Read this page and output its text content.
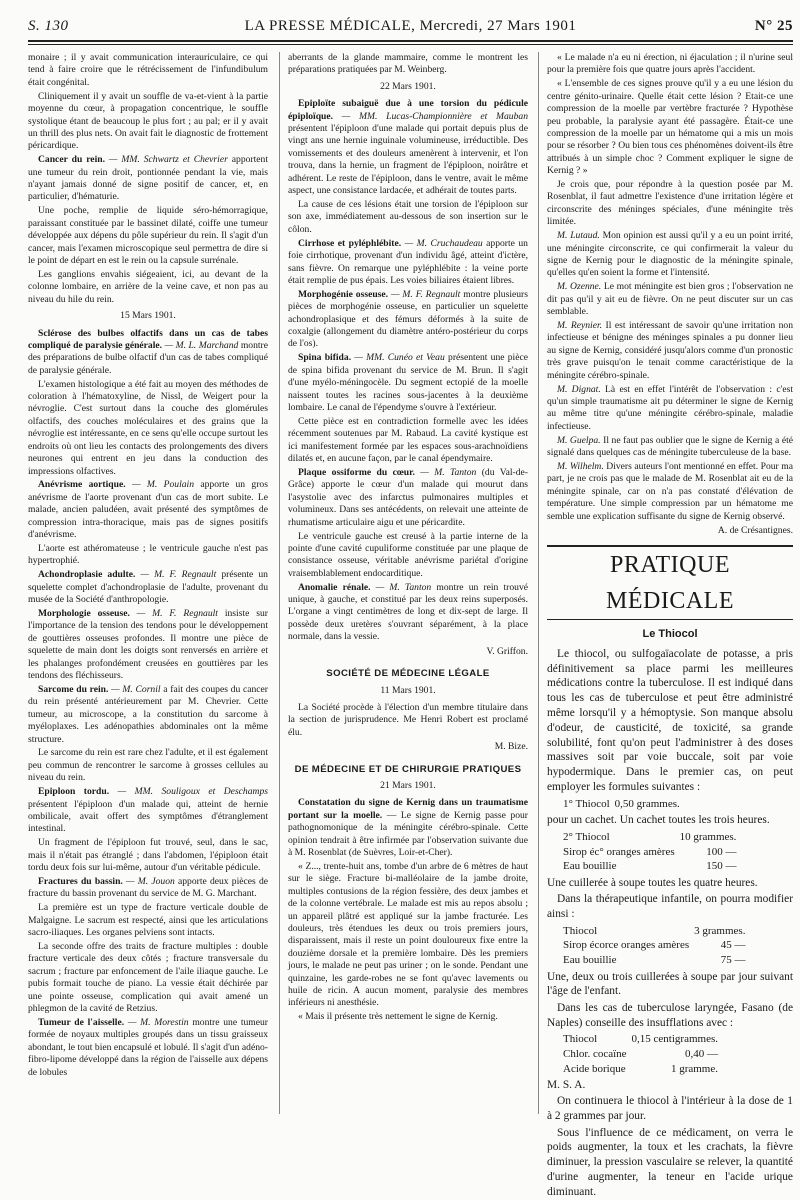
S. 130	LA PRESSE MÉDICALE, Mercredi, 27 Mars 1901	N° 25

monaire ; il y avait communication interauriculaire, ce qui tend à faire croire que le rétrécissement de l'infundibulum était congénital.

Cliniquement il y avait un souffle de va-et-vient à la partie moyenne du cœur, à propagation concentrique, le souffle systolique étant de beaucoup le plus fort ; au pal; er il y avait un thrill des plus nets. On avait fait le diagnostic de frottement péricardique.

Cancer du rein. — MM. Schwartz et Chevrier apportent une tumeur du rein droit, pontionnée pendant la vie, mais n'ayant jamais donné de signe positif de cancer, et, en particulier, d'hématurie.

Une poche, remplie de liquide séro-hémorragique, paraissant constituée par le bassinet dilaté, coiffe une tumeur développée aux dépens du pôle supérieur du rein. Il s'agit d'un cancer, mais l'examen microscopique seul permettra de dire si le point de départ en est le rein ou la capsule surrénale.

Les ganglions envahis siégeaient, ici, au devant de la colonne lombaire, en arrière de la veine cave, et non pas au niveau du hile du rein.

15 Mars 1901.

Sclérose des bulbes olfactifs dans un cas de tabes compliqué de paralysie générale. — M. L. Marchand montre des préparations de bulbe olfactif d'un cas de tabes compliqué de paralysie générale.

L'examen histologique a été fait au moyen des méthodes de coloration à l'hématoxyline, de Nissl, de Weigert pour la névroglie. C'est surtout dans la couche des glomérules olfactifs, des couches moléculaires et des grains que la névroglie est intéressante, en ce sens qu'elle occupe surtout les endroits où ont lieu les contacts des prolongements des divers neurones qui entrent en jeu dans la conduction des impressions olfactives.

Anévrisme aortique. — M. Poulain apporte un gros anévrisme de l'aorte provenant d'un cas de mort subite. Le malade, ancien paludéen, avait présenté des symptômes de compression intra-thoracique, mais pas de signes positifs d'anévrisme.

L'aorte est athéromateuse ; le ventricule gauche n'est pas hypertrophié.

Achondroplasie adulte. — M. F. Regnault présente un squelette complet d'achondroplasie de l'adulte, provenant du musée de la Société d'anthropologie.

Morphologie osseuse. — M. F. Regnault insiste sur l'importance de la tension des tendons pour le développement de gouttières osseuses profondes. Il montre une pièce de squelette de main dont les doigts sont renversés en arrière et les phalanges profondément creusées en gouttières par les tendons des fléchisseurs.

Sarcome du rein. — M. Cornil a fait des coupes du cancer du rein présenté antérieurement par M. Chevrier. Cette tumeur, au microscope, a la constitution du sarcome à myéloplaxes. Les adénopathies abdominales ont la même structure.

Le sarcome du rein est rare chez l'adulte, et il est également peu commun de rencontrer le sarcome à grosses cellules au niveau du rein.

Epiploon tordu. — MM. Souligoux et Deschamps présentent l'épiploon d'un malade qui, atteint de hernie ombilicale, avait offert des symptômes d'étranglement intestinal.

Un fragment de l'épiploon fut trouvé, seul, dans le sac, mais il n'était pas étranglé ; dans l'abdomen, l'épiploon était tordu deux fois sur lui-même, autour d'un véritable pédicule.

Fractures du bassin. — M. Jouon apporte deux pièces de fracture du bassin provenant du service de M. G. Marchant.

La première est un type de fracture verticale double de Malgaigne. Le sacrum est respecté, ainsi que les articulations sacro-iliaques. Les organes pelviens sont intacts.

La seconde offre des traits de fracture multiples : double fracture verticale des deux côtés ; fracture transversale du sacrum ; fracture par enfoncement de l'aile iliaque gauche. Le pubis formait touche de piano. La vessie était déchirée par une pointe osseuse, complication qui avait amené un phlegmon de la cavité de Retzius.

Tumeur de l'aisselle. — M. Morestin montre une tumeur formée de noyaux multiples groupés dans un tissu graisseux abondant, le tout bien encapsulé et lobulé. Il s'agit d'un adéno-fibro-lipome développé dans la région de l'aisselle aux dépens de lobules

aberrants de la glande mammaire, comme le montrent les préparations pratiquées par M. Weinberg.

22 Mars 1901.

Epiploïte subaiguë due à une torsion du pédicule épiploïque. — MM. Lucas-Championnière et Mauban présentent l'épiploon d'une malade qui portait depuis plus de vingt ans une hernie inguinale volumineuse, irréductible. Des vomissements et des douleurs amenèrent à intervenir, et l'on trouva, dans la hernie, un fragment de l'épiploon, noirâtre et adhérent. Le reste de l'épiploon, dans le ventre, avait le même aspect, une consistance lardacée, et adhérait de toutes parts.

La cause de ces lésions était une torsion de l'épiploon sur son axe, immédiatement au-dessous de son insertion sur le côlon.

Cirrhose et pyléphlébite. — M. Cruchaudeau apporte un foie cirrhotique, provenant d'un individu âgé, atteint d'ictère, sans fièvre. On remarque une pyléphlébite : la veine porte était remplie de pus épais. Les voies biliaires étaient libres.

Morphogénie osseuse. — M. F. Regnault montre plusieurs pièces de morphogénie osseuse, en particulier un squelette achondroplasique et des fémurs déformés à la suite de coxalgie (allongement du diamètre antéro-postérieur du corps de l'os).

Spina bifida. — MM. Cunéo et Veau présentent une pièce de spina bifida provenant du service de M. Brun. Il s'agit d'une myélo-méningocèle. Du segment ectopié de la moelle naissent toutes les racines sous-jacentes à la deuxième lombaire. Le canal de l'épendyme s'ouvre à l'extérieur.

Cette pièce est en contradiction formelle avec les idées récemment soutenues par M. Rabaud. La cavité kystique est ici manifestement formée par les espaces sous-arachnoïdiens dilatés et, en aucune façon, par le canal épendymaire.

Plaque ossiforme du cœur. — M. Tanton (du Val-de-Grâce) apporte le cœur d'un malade qui mourut dans l'asystolie avec des infarctus pulmonaires multiples et volumineux. Dans ses antécédents, on relevait une atteinte de rhumatisme articulaire aigu et une péricardite.

Le ventricule gauche est creusé à la partie interne de la pointe d'une cavité cupuliforme constituée par une plaque de consistance osseuse, véritable anévrisme pariétal d'origine vraisemblablement endocarditique.

Anomalie rénale. — M. Tanton montre un rein trouvé unique, à gauche, et constitué par les deux reins superposés. L'organe a vingt centimètres de long et dix-sept de large. Il possède deux uretères s'ouvrant séparément, à la place normale, dans la vessie.

V. Griffon.

SOCIÉTÉ DE MÉDECINE LÉGALE

11 Mars 1901.

La Société procède à l'élection d'un membre titulaire dans la section de jurisprudence. Me Henri Robert est proclamé élu.

M. Bize.

DE MÉDECINE ET DE CHIRURGIE PRATIQUES

21 Mars 1901.

Constatation du signe de Kernig dans un traumatisme portant sur la moelle. — Le signe de Kernig passe pour pathognomonique de la méningite cérébro-spinale. Cette opinion tendrait à être infirmée par l'observation suivante due à M. Rosenblat (de Suèvres, Loir-et-Cher).

« Z..., trente-huit ans, tombe d'un arbre de 6 mètres de haut sur le siège. Fracture bi-malléolaire de la jambe droite, multiples contusions de la région fessière, des deux jambes et de la colonne vertébrale. Le malade est mis au repos absolu ; un appareil plâtré est appliqué sur la jambe fracturée. Les douleurs, très étendues les deux ou trois premiers jours, disparaissent, mais il reste un point douloureux fixe entre la douzième dorsale et la première lombaire. Dès les premiers jours, le malade ne peut pas uriner ; on le sonde. Pendant une quinzaine, les garde-robes ne se font qu'avec lavements ou huile de ricin. A aucun moment, paralysie des membres inférieurs ni anesthésie.

« Mais il présente très nettement le signe de Kernig.

« Le malade n'a eu ni érection, ni éjaculation ; il n'urine seul pour la première fois que quatre jours après l'accident.

« L'ensemble de ces signes prouve qu'il y a eu une lésion du centre génito-urinaire. Quelle était cette lésion ? Etait-ce une compression de la moelle par vertèbre fracturée ? Hypothèse peu probable, la paralysie ayant été passagère. Était-ce une compression de la moelle par un hématome qui a mis un mois pour se résorber ? Ou bien tous ces phénomènes doivent-ils être attribués à un simple choc ? Comment expliquer le signe de Kernig ? »

Je crois que, pour répondre à la question posée par M. Rosenblat, il faut admettre l'existence d'une irritation légère et circonscrite des méninges spéciales, d'une méningite très limitée.

M. Lutaud. Mon opinion est aussi qu'il y a eu un point irrité, une méningite circonscrite, ce qui confirmerait la valeur du signe de Kernig pour le diagnostic de la méningite spinale, qu'elles qu'en soient la forme et l'intensité.

M. Ozenne. Le mot méningite est bien gros ; l'observation ne dit pas qu'il y ait eu de fièvre. On ne peut discuter sur un cas semblable.

M. Reynier. Il est intéressant de savoir qu'une irritation non infectieuse et bénigne des méninges spinales a pu donner lieu au signe de Kernig, considéré jusqu'alors comme d'un pronostic très grave puisqu'on le tenait comme caractéristique de la méningite cérébro-spinale.

M. Dignat. Là est en effet l'intérêt de l'observation : c'est qu'un simple traumatisme ait pu déterminer le signe de Kernig au même titre qu'une méningite cérébro-spinale, maladie infectieuse.

M. Guelpa. Il ne faut pas oublier que le signe de Kernig a été signalé dans quelques cas de méningite tuberculeuse de la base.

M. Wilhelm. Divers auteurs l'ont mentionné en effet. Pour ma part, je ne crois pas que le malade de M. Rosenblat ait eu de la méningite spinale, car on n'a pas constaté d'élévation de température. Une simple compression par un hématome me semble une explication suffisante du signe de Kernig observé.

A. de Crésantignes.

PRATIQUE MÉDICALE
Le Thiocol

Le thiocol, ou sulfogaïacolate de potasse, a pris définitivement sa place parmi les meilleures médications contre la tuberculose. Il est indiqué dans tous les cas de tuberculose et peut être administré même lorsqu'il y a hémoptysie. Son manque absolu d'odeur, de causticité, de toxicité, sa grande solubilité, font qu'on peut l'administrer à des doses massives soit par voie buccale, soit par voie hypodermique. Dans le premier cas, on peut employer les formules suivantes :

1° Thiocol	0,50 grammes.

pour un cachet. Un cachet toutes les trois heures.

2° Thiocol	10 grammes.
Sirop éc° oranges amères	100 —
Eau bouillie	150 —

Une cuillerée à soupe toutes les quatre heures.

Dans la thérapeutique infantile, on pourra modifier ainsi :

Thiocol	3 grammes.
Sirop écorce oranges amères	45 —
Eau bouillie	75 —

Une, deux ou trois cuillerées à soupe par jour suivant l'âge de l'enfant.

Dans les cas de tuberculose laryngée, Fasano (de Naples) conseille des insufflations avec :

Thiocol	0,15 centigrammes.
Chlor. cocaïne	0,40 —
Acide borique	1 gramme.

M. S. A.

On continuera le thiocol à l'intérieur à la dose de 1 à 2 grammes par jour.

Sous l'influence de ce médicament, on verra le poids augmenter, la toux et les crachats, la fièvre diminuer, la pression vasculaire se relever, la quantité d'urine augmenter, la teneur en l'acide urique diminuant.
